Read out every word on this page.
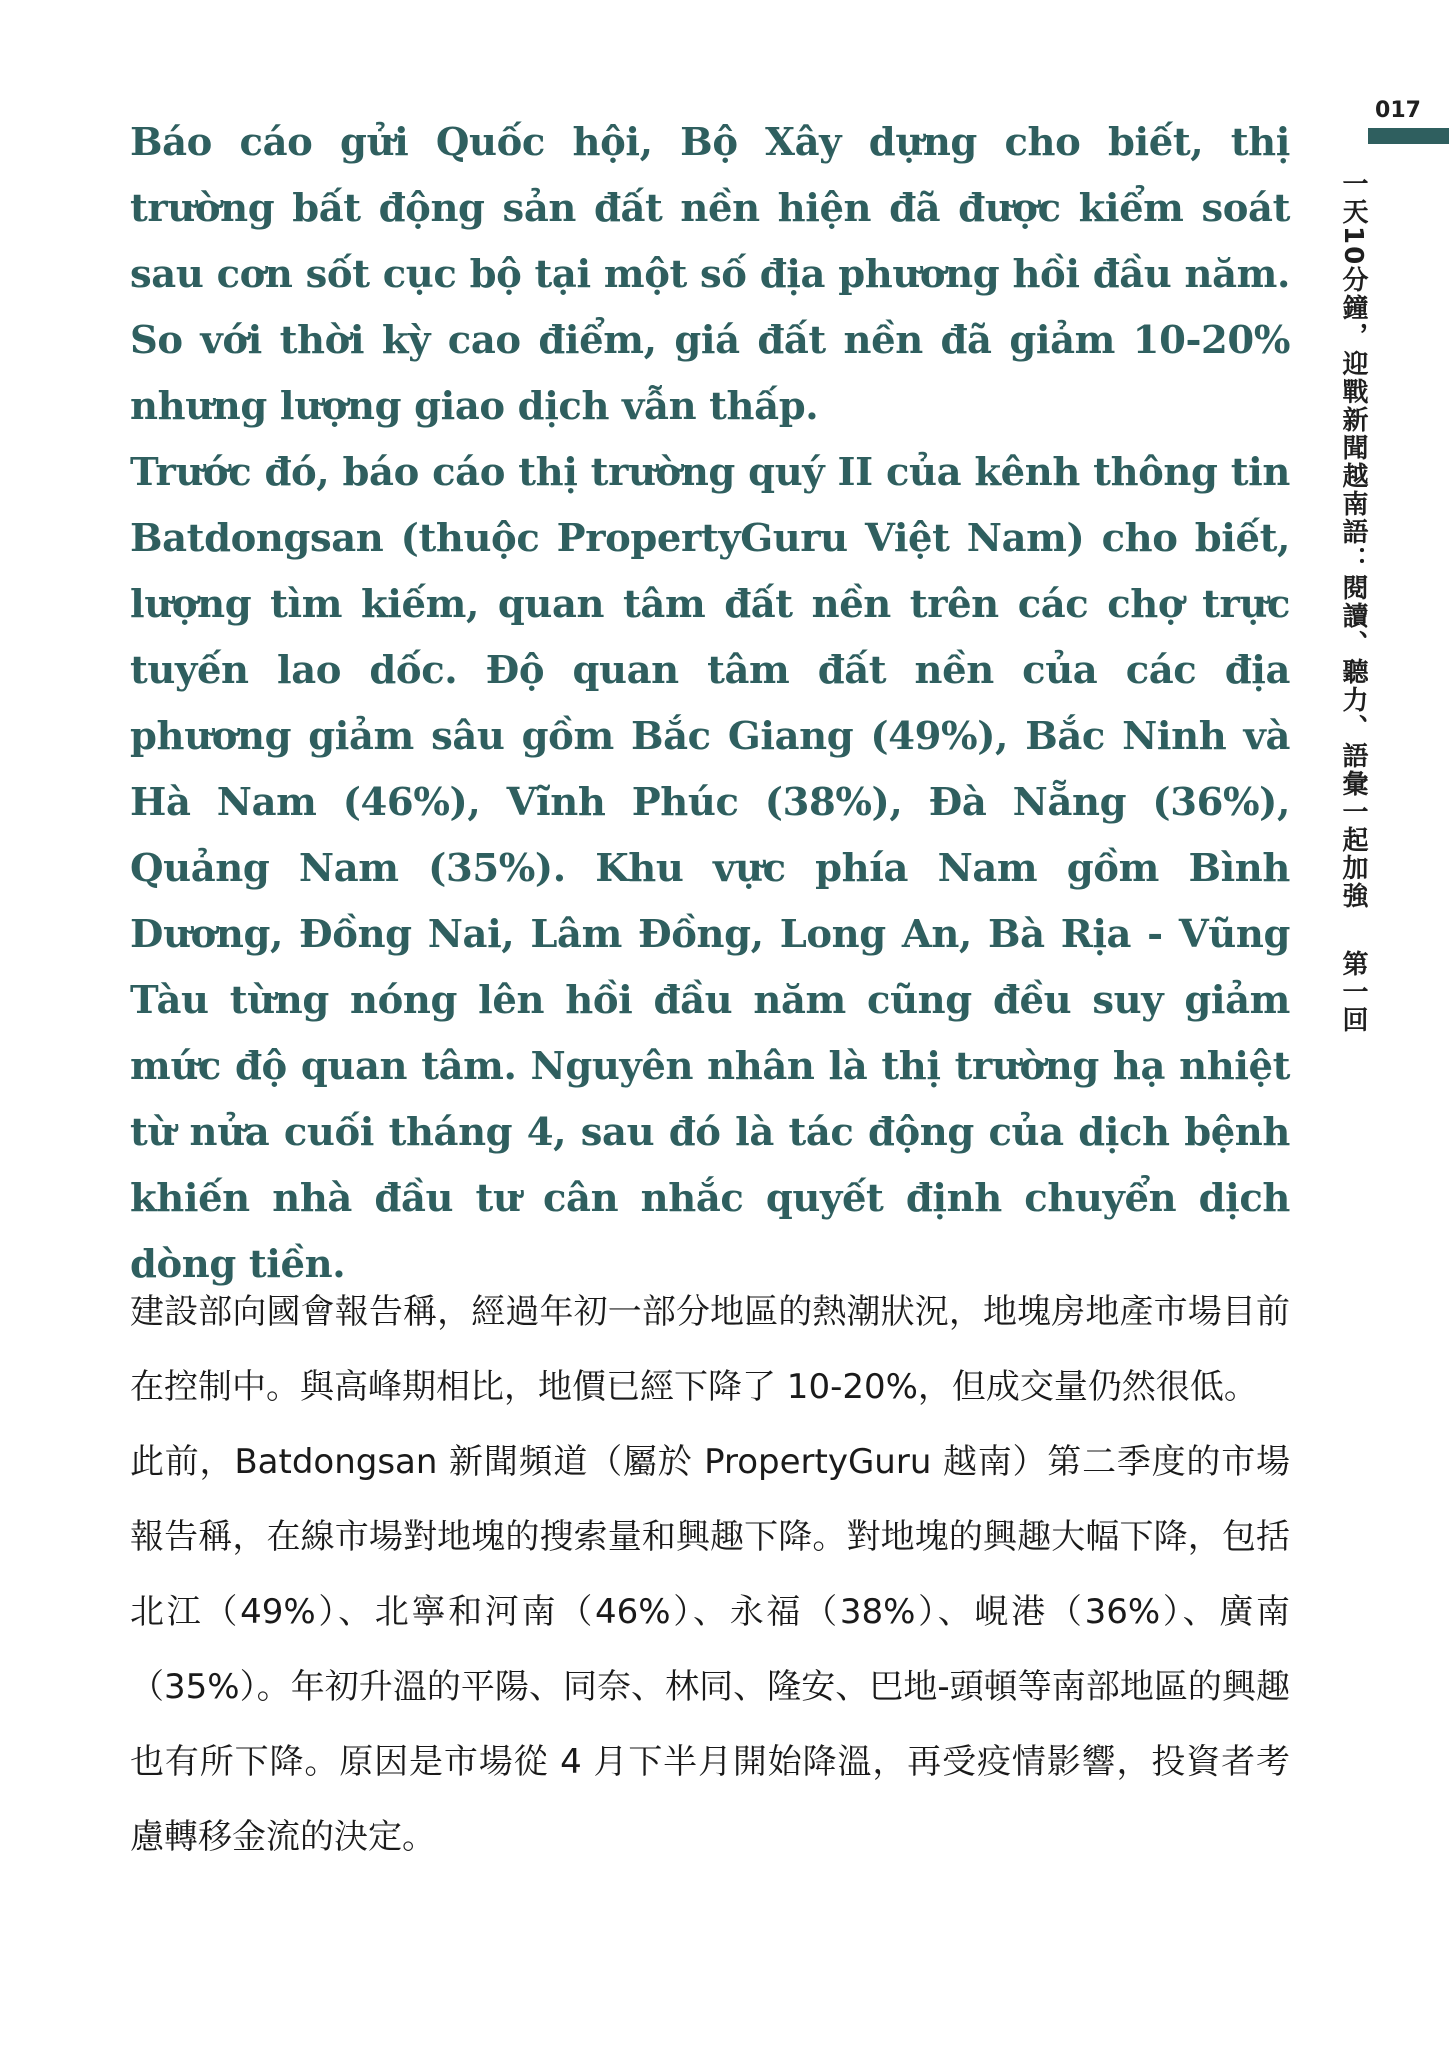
Báo cáo gửi Quốc hội, Bộ Xây dựng cho biết, thị trường bất động sản đất nền hiện đã được kiểm soát sau cơn sốt cục bộ tại một số địa phương hồi đầu năm. So với thời kỳ cao điểm, giá đất nền đã giảm 10-20% nhưng lượng giao dịch vẫn thấp.

Trước đó, báo cáo thị trường quý II của kênh thông tin Batdongsan (thuộc PropertyGuru Việt Nam) cho biết, lượng tìm kiếm, quan tâm đất nền trên các chợ trực tuyến lao dốc. Độ quan tâm đất nền của các địa phương giảm sâu gồm Bắc Giang (49%), Bắc Ninh và Hà Nam (46%), Vĩnh Phúc (38%), Đà Nẵng (36%), Quảng Nam (35%). Khu vực phía Nam gồm Bình Dương, Đồng Nai, Lâm Đồng, Long An, Bà Rịa - Vũng Tàu từng nóng lên hồi đầu năm cũng đều suy giảm mức độ quan tâm. Nguyên nhân là thị trường hạ nhiệt từ nửa cuối tháng 4, sau đó là tác động của dịch bệnh khiến nhà đầu tư cân nhắc quyết định chuyển dịch dòng tiền.

建設部向國會報告稱，經過年初一部分地區的熱潮狀況，地塊房地產市場目前在控制中。與高峰期相比，地價已經下降了 10-20%，但成交量仍然很低。

此前，Batdongsan 新聞頻道（屬於 PropertyGuru 越南）第二季度的市場報告稱，在線市場對地塊的搜索量和興趣下降。對地塊的興趣大幅下降，包括北江（49%）、北寧和河南（46%）、永福（38%）、峴港（36%）、廣南（35%）。年初升溫的平陽、同奈、林同、隆安、巴地-頭頓等南部地區的興趣也有所下降。原因是市場從 4 月下半月開始降溫，再受疫情影響，投資者考慮轉移金流的決定。

017
一天10分鐘，迎戰新聞越南語：閱讀、聽力、語彙一起加強第一回
